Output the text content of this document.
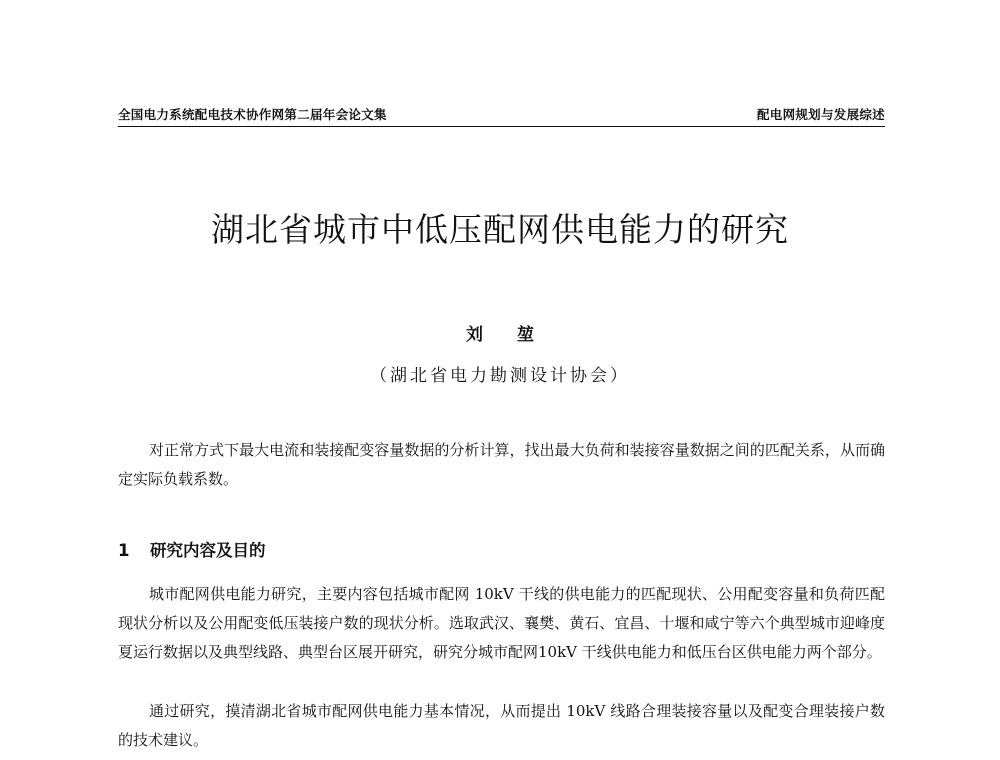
全国电力系统配电技术协作网第二届年会论文集	配电网规划与发展综述
湖北省城市中低压配网供电能力的研究
刘 堃
（湖北省电力勘测设计协会）

对正常方式下最大电流和装接配变容量数据的分析计算，找出最大负荷和装接容量数据之间的匹配关系，从而确定实际负载系数。

1 研究内容及目的

城市配网供电能力研究，主要内容包括城市配网 10kV 干线的供电能力的匹配现状、公用配变容量和负荷匹配现状分析以及公用配变低压装接户数的现状分析。选取武汉、襄樊、黄石、宜昌、十堰和咸宁等六个典型城市迎峰度夏运行数据以及典型线路、典型台区展开研究，研究分城市配网10kV 干线供电能力和低压台区供电能力两个部分。

通过研究，摸清湖北省城市配网供电能力基本情况，从而提出 10kV 线路合理装接容量以及配变合理装接户数的技术建议。
